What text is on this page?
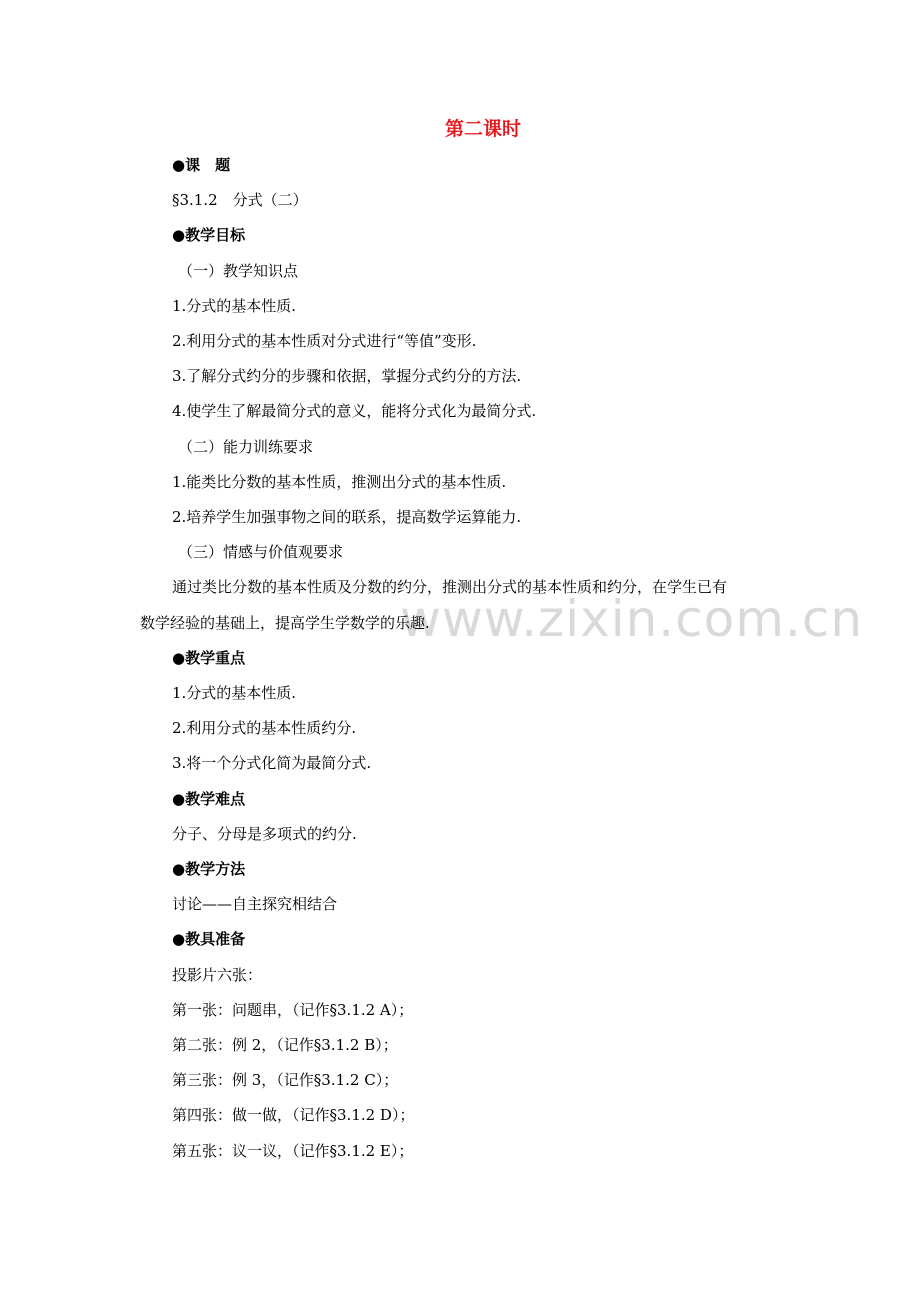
www.zixin.com.cn
第二课时
●课　题
§3.1.2　分式（二）
●教学目标
（一）教学知识点
1.分式的基本性质.
2.利用分式的基本性质对分式进行“等值”变形.
3.了解分式约分的步骤和依据，掌握分式约分的方法.
4.使学生了解最简分式的意义，能将分式化为最简分式.
（二）能力训练要求
1.能类比分数的基本性质，推测出分式的基本性质.
2.培养学生加强事物之间的联系，提高数学运算能力.
（三）情感与价值观要求
通过类比分数的基本性质及分数的约分，推测出分式的基本性质和约分，在学生已有
数学经验的基础上，提高学生学数学的乐趣.
●教学重点
1.分式的基本性质.
2.利用分式的基本性质约分.
3.将一个分式化简为最简分式.
●教学难点
分子、分母是多项式的约分.
●教学方法
讨论——自主探究相结合
●教具准备
投影片六张：
第一张：问题串，（记作§3.1.2 A）；
第二张：例 2，（记作§3.1.2 B）；
第三张：例 3，（记作§3.1.2 C）；
第四张：做一做，（记作§3.1.2 D）；
第五张：议一议，（记作§3.1.2 E）；
